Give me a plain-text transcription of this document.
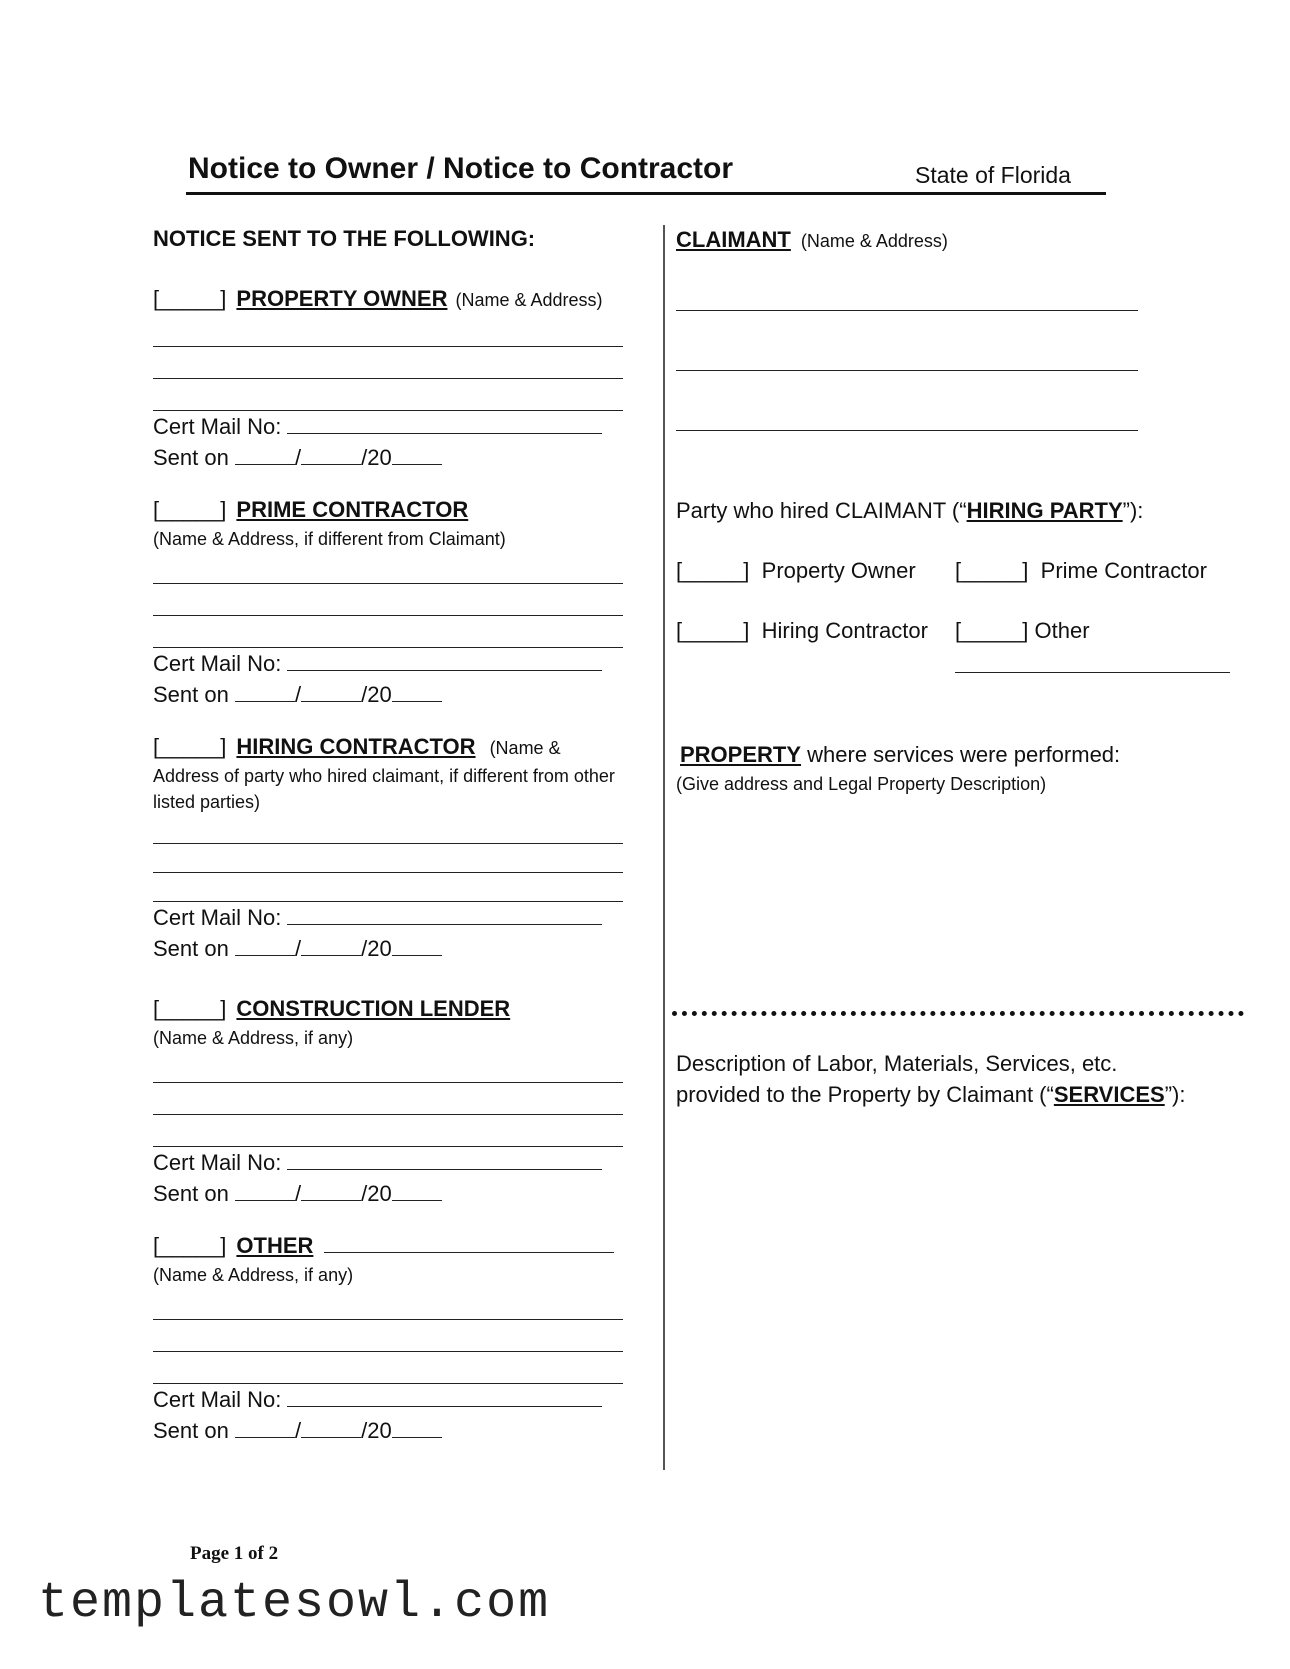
Notice to Owner / Notice to Contractor	State of Florida
NOTICE SENT TO THE FOLLOWING:
[_____] PROPERTY OWNER (Name & Address)
Cert Mail No:
Sent on	/	/20
[_____] PRIME CONTRACTOR
(Name & Address, if different from Claimant)
Cert Mail No:
Sent on	/	/20
[_____] HIRING CONTRACTOR (Name &
Address of party who hired claimant, if different from other listed parties)
Cert Mail No:
Sent on	/	/20
[_____] CONSTRUCTION LENDER
(Name & Address, if any)
Cert Mail No:
Sent on	/	/20
[_____] OTHER
(Name & Address, if any)
Cert Mail No:
Sent on	/	/20
CLAIMANT (Name & Address)
Party who hired CLAIMANT (“HIRING PARTY”):
[_____] Property Owner [_____] Prime Contractor
[_____] Hiring Contractor [_____] Other
PROPERTY where services were performed:
(Give address and Legal Property Description)
Description of Labor, Materials, Services, etc.
provided to the Property by Claimant (“SERVICES”):
Page 1 of 2
templatesowl.com
